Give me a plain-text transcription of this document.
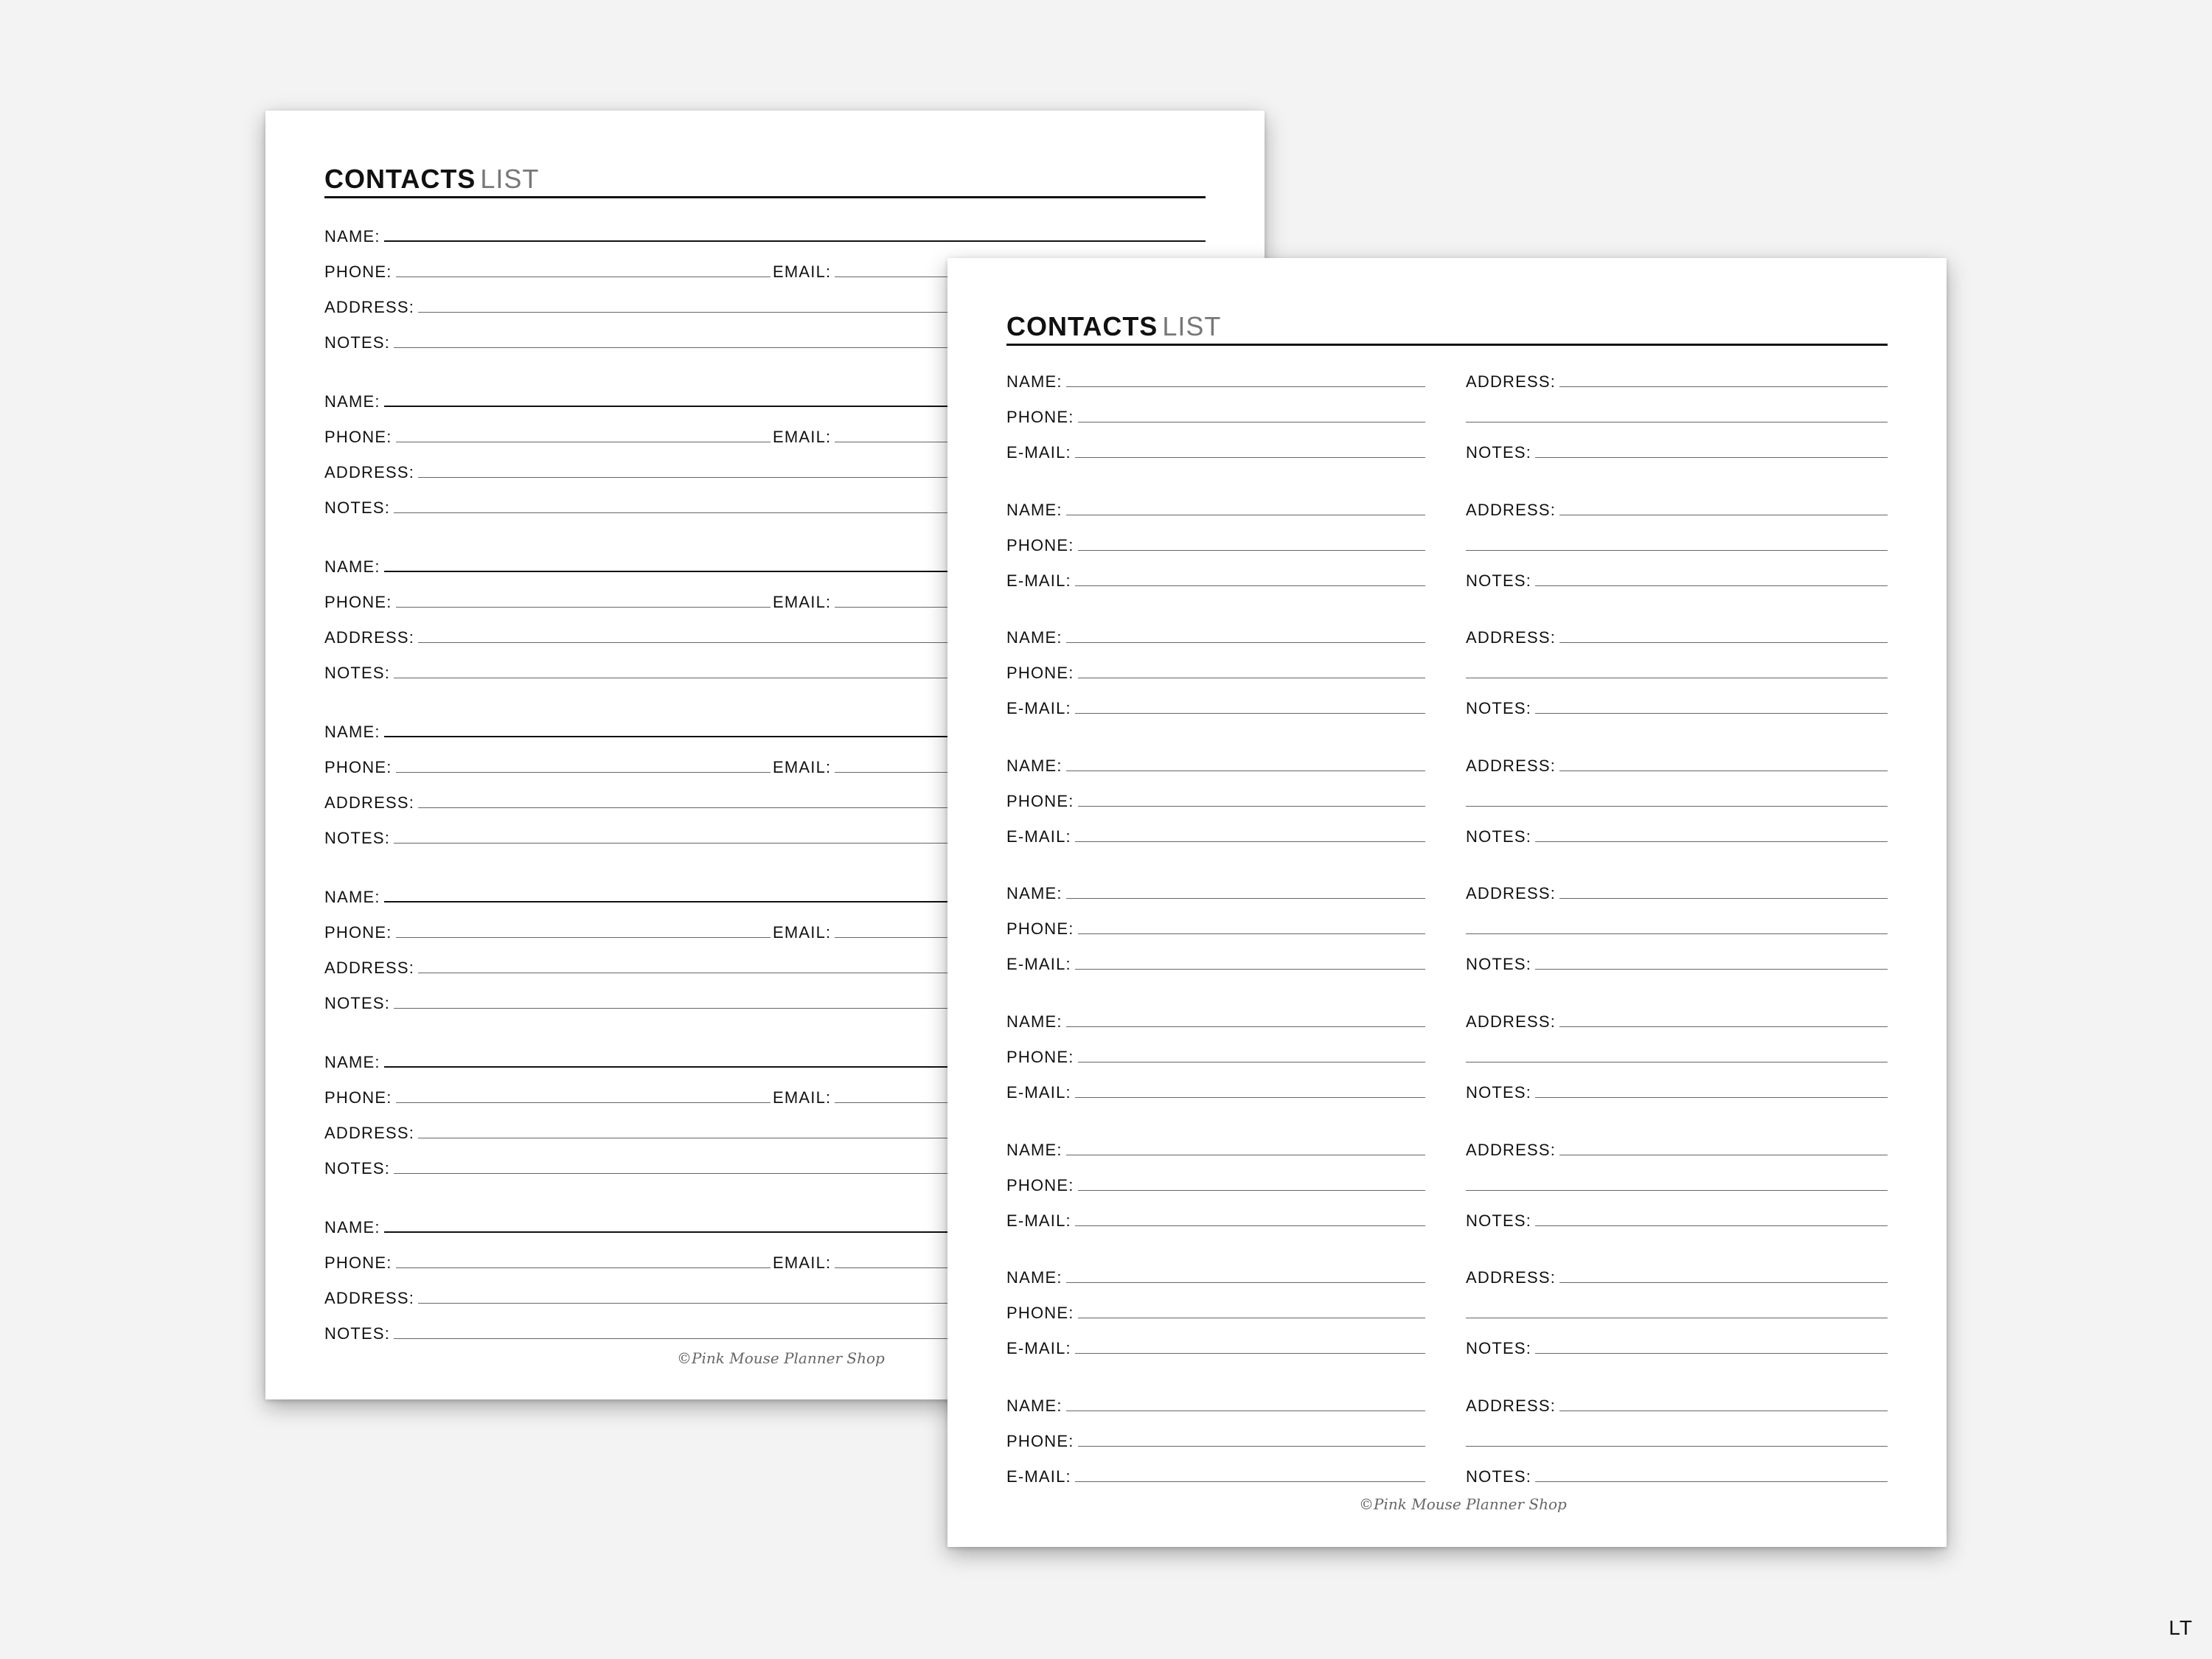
CONTACTS LIST
NAME:
PHONE:	EMAIL:
ADDRESS:
NOTES:
NAME:
PHONE:	EMAIL:
ADDRESS:
NOTES:
NAME:
PHONE:	EMAIL:
ADDRESS:
NOTES:
NAME:
PHONE:	EMAIL:
ADDRESS:
NOTES:
NAME:
PHONE:	EMAIL:
ADDRESS:
NOTES:
NAME:
PHONE:	EMAIL:
ADDRESS:
NOTES:
NAME:
PHONE:	EMAIL:
ADDRESS:
NOTES:
©Pink Mouse Planner Shop
CONTACTS LIST
NAME:
PHONE:
E-MAIL:
ADDRESS:
NOTES:
NAME:
PHONE:
E-MAIL:
ADDRESS:
NOTES:
NAME:
PHONE:
E-MAIL:
ADDRESS:
NOTES:
NAME:
PHONE:
E-MAIL:
ADDRESS:
NOTES:
NAME:
PHONE:
E-MAIL:
ADDRESS:
NOTES:
NAME:
PHONE:
E-MAIL:
ADDRESS:
NOTES:
NAME:
PHONE:
E-MAIL:
ADDRESS:
NOTES:
NAME:
PHONE:
E-MAIL:
ADDRESS:
NOTES:
NAME:
PHONE:
E-MAIL:
ADDRESS:
NOTES:
©Pink Mouse Planner Shop
LT
